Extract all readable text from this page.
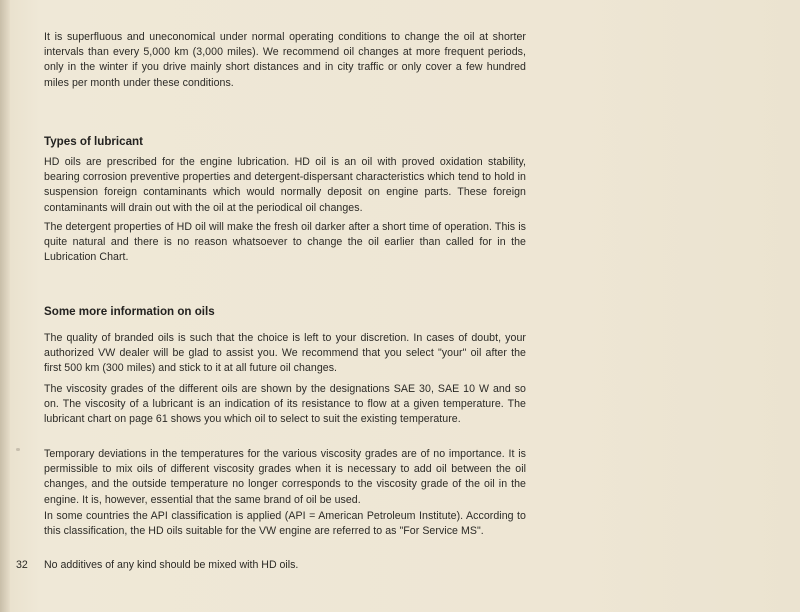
It is superfluous and uneconomical under normal operating conditions to change the oil at shorter intervals than every 5,000 km (3,000 miles). We recommend oil changes at more frequent periods, only in the winter if you drive mainly short distances and in city traffic or only cover a few hundred miles per month under these conditions.

Types of lubricant

HD oils are prescribed for the engine lubrication. HD oil is an oil with proved oxidation stability, bearing corrosion preventive properties and detergent-dispersant characteristics which tend to hold in suspension foreign contaminants which would normally deposit on engine parts. These foreign contaminants will drain out with the oil at the periodical oil changes.

The detergent properties of HD oil will make the fresh oil darker after a short time of operation. This is quite natural and there is no reason whatsoever to change the oil earlier than called for in the Lubrication Chart.

Some more information on oils

The quality of branded oils is such that the choice is left to your discretion. In cases of doubt, your authorized VW dealer will be glad to assist you. We recommend that you select "your" oil after the first 500 km (300 miles) and stick to it at all future oil changes.

The viscosity grades of the different oils are shown by the designations SAE 30, SAE 10 W and so on. The viscosity of a lubricant is an indication of its resistance to flow at a given temperature. The lubricant chart on page 61 shows you which oil to select to suit the existing temperature.

Temporary deviations in the temperatures for the various viscosity grades are of no importance. It is permissible to mix oils of different viscosity grades when it is necessary to add oil between the oil changes, and the outside temperature no longer corresponds to the viscosity grade of the oil in the engine. It is, however, essential that the same brand of oil be used.

In some countries the API classification is applied (API = American Petroleum Institute). According to this classification, the HD oils suitable for the VW engine are referred to as "For Service MS".

32 No additives of any kind should be mixed with HD oils.
